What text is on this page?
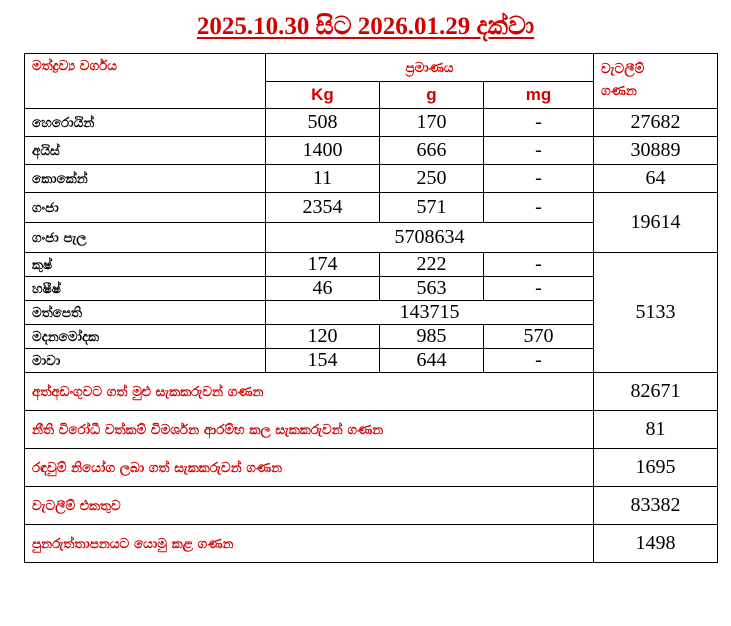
2025.10.30 සිට 2026.01.29 දක්වා
මත්ද්‍රව්‍ය වර්ගය	ප්‍රමාණය			වැටලීම්
ගණන

	Kg	g	mg	
හෙරොයින්	508	170	-	27682
අයිස්	1400	666	-	30889
කොකේන්	11	250	-	64
ගංජා	2354	571	-	19614
ගංජා පැල	5708634			
කුෂ්	174	222	-	5133
හෂීෂ්	46	563	-	
මත්පෙති	143715			
මදනමෝදක	120	985	570	
මාවා	154	644	-	
අත්අඩංගුවට ගත් මුළු සැකකරුවන් ගණන				82671
නීති විරෝධී වත්කම් විමර්ශන ආරම්භ කල සැකකරුවන් ගණන				81
රඳවුම් නියෝග ලබා ගත් සැකකරුවන් ගණන				1695
වැටලීම් එකතුව				83382
පුනරුත්තාපනයට යොමු කළ ගණන				1498
